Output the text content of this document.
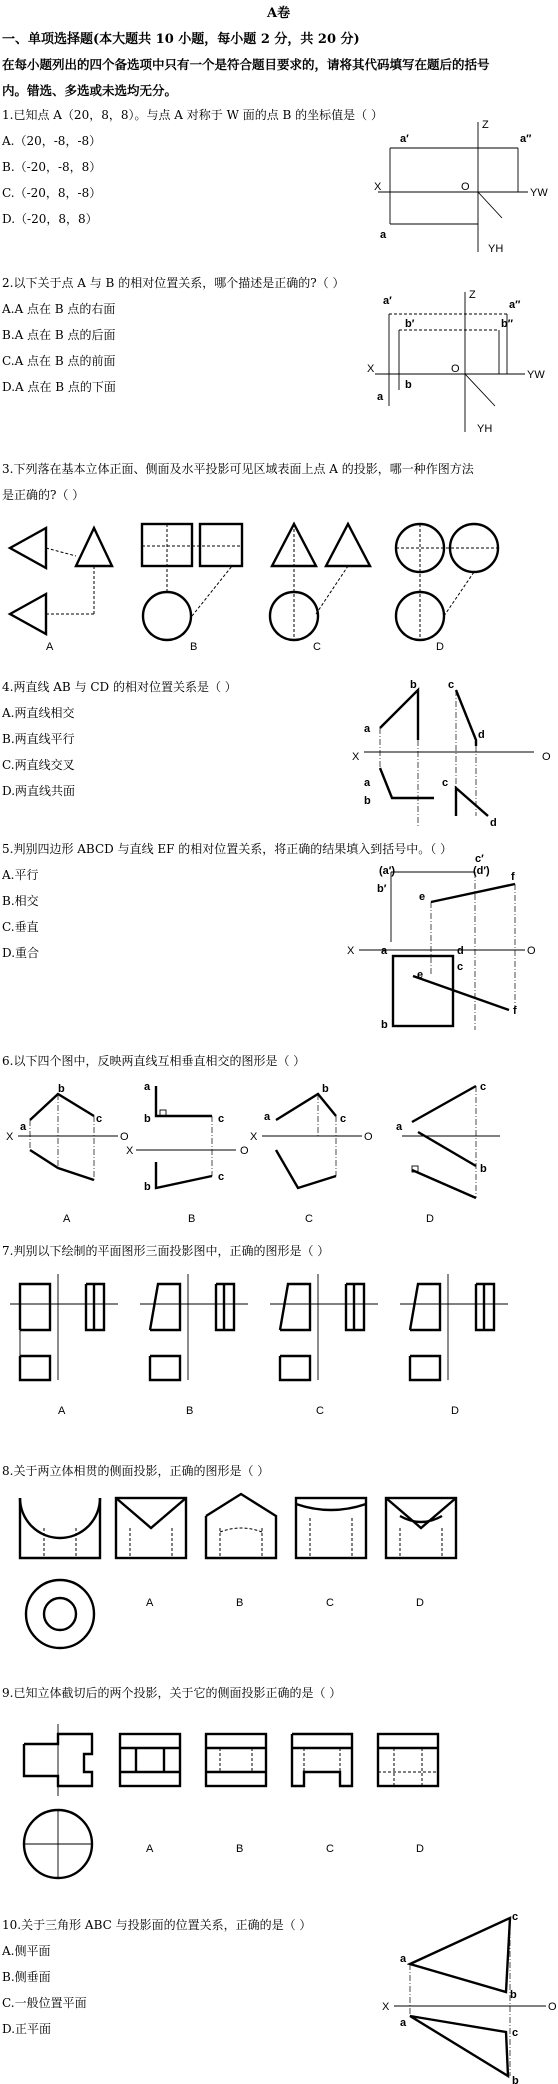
A卷
一、单项选择题(本大题共 10 小题，每小题 2 分，共 20 分)
在每小题列出的四个备选项中只有一个是符合题目要求的，请将其代码填写在题后的括号
内。错选、多选或未选均无分。
1.已知点 A（20，8，8）。与点 A 对称于 W 面的点 B 的坐标值是（ ）
A.（20，-8，-8）
B.（-20，-8，8）
C.（-20，8，-8）
D.（-20，8，8）
a′	a″
a
X	O
Z
YW
YH
2.以下关于点 A 与 B 的相对位置关系，哪个描述是正确的?（ ）
A.A 点在 B 点的右面
B.A 点在 B 点的后面
C.A 点在 B 点的前面
D.A 点在 B 点的下面
a′	a″
b′	b″
a
b
X	O
Z
YW
YH
3.下列落在基本立体正面、侧面及水平投影可见区域表面上点 A 的投影，哪一种作图方法
是正确的?（ ）
A	B	C	D
4.两直线 AB 与 CD 的相对位置关系是（ ）
A.两直线相交
B.两直线平行
C.两直线交叉
D.两直线共面
b	c
a	d
X	O
c
a
b
d
5.判别四边形 ABCD 与直线 EF 的相对位置关系，将正确的结果填入到括号中。（ ）
A.平行
B.相交
C.垂直
D.重合
c′
(d′)
(a′)	f
b′
e
X a	d	O
e
c
f
b
6.以下四个图中，反映两直线互相垂直相交的图形是（ ）
b
a
c
X	O
b	c
a
c
b
O
X
c
b
a
O
X
a
c
b
A	B	C	D
7.判别以下绘制的平面图形三面投影图中，正确的图形是（ ）
A	B	C	D
8.关于两立体相贯的侧面投影，正确的图形是（ ）
A	B	C	D
9.已知立体截切后的两个投影，关于它的侧面投影正确的是（ ）
A	B	C	D
10.关于三角形 ABC 与投影面的位置关系，正确的是（ ）
A.侧平面
B.侧垂面
C.一般位置平面
D.正平面
c
a
b
X	O
a
c
b
